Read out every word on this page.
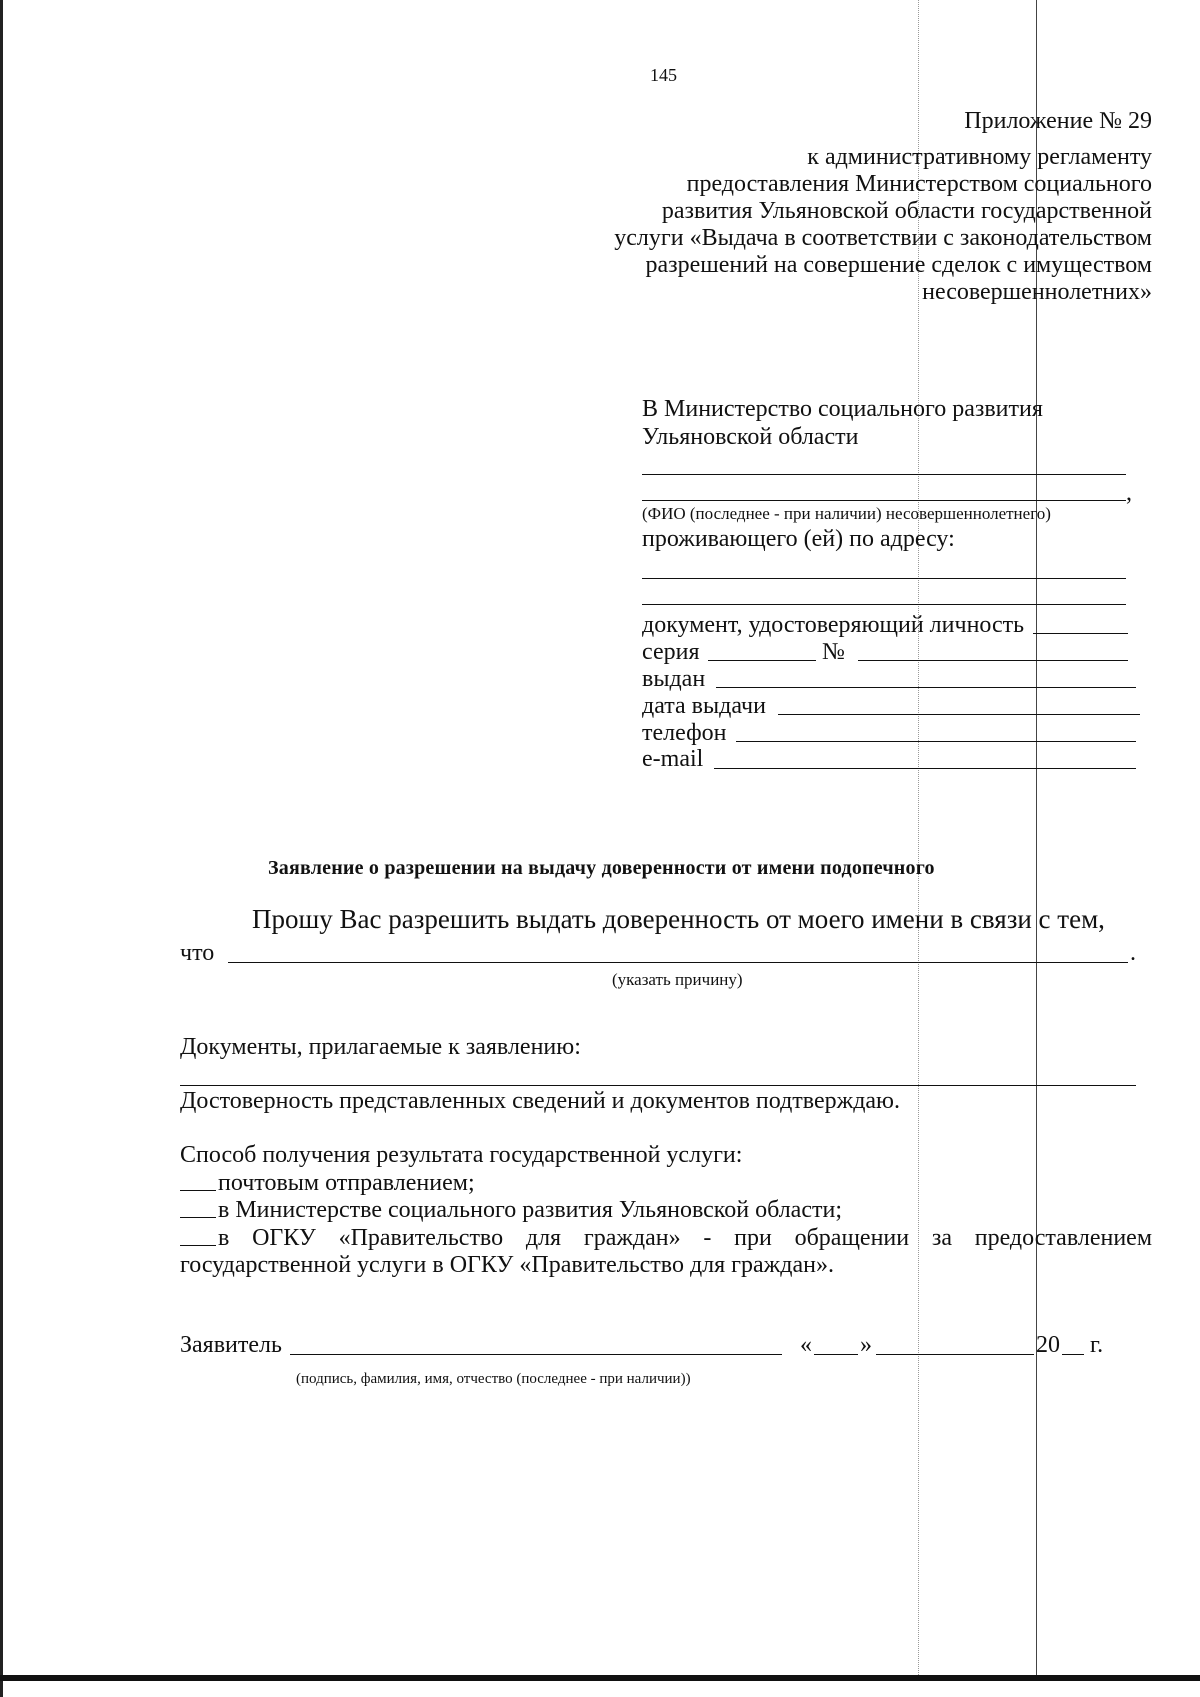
145
Приложение № 29
к административному регламенту
предоставления Министерством социального
развития Ульяновской области государственной
услуги «Выдача в соответствии с законодательством
разрешений на совершение сделок с имуществом
несовершеннолетних»
В Министерство социального развития
Ульяновской области
,
(ФИО (последнее - при наличии) несовершеннолетнего)
проживающего (ей) по адресу:
документ, удостоверяющий личность
серия	№
выдан
дата выдачи
телефон
e-mail
Заявление о разрешении на выдачу доверенности от имени подопечного
Прошу Вас разрешить выдать доверенность от моего имени в связи с тем,
что	.
(указать причину)
Документы, прилагаемые к заявлению:
Достоверность представленных сведений и документов подтверждаю.
Способ получения результата государственной услуги:
почтовым отправлением;
в Министерстве социального развития Ульяновской области;
в ОГКУ «Правительство для граждан» - при обращении за предоставлением
государственной услуги в ОГКУ «Правительство для граждан».
Заявитель	« »	20 г.
(подпись, фамилия, имя, отчество (последнее - при наличии))
